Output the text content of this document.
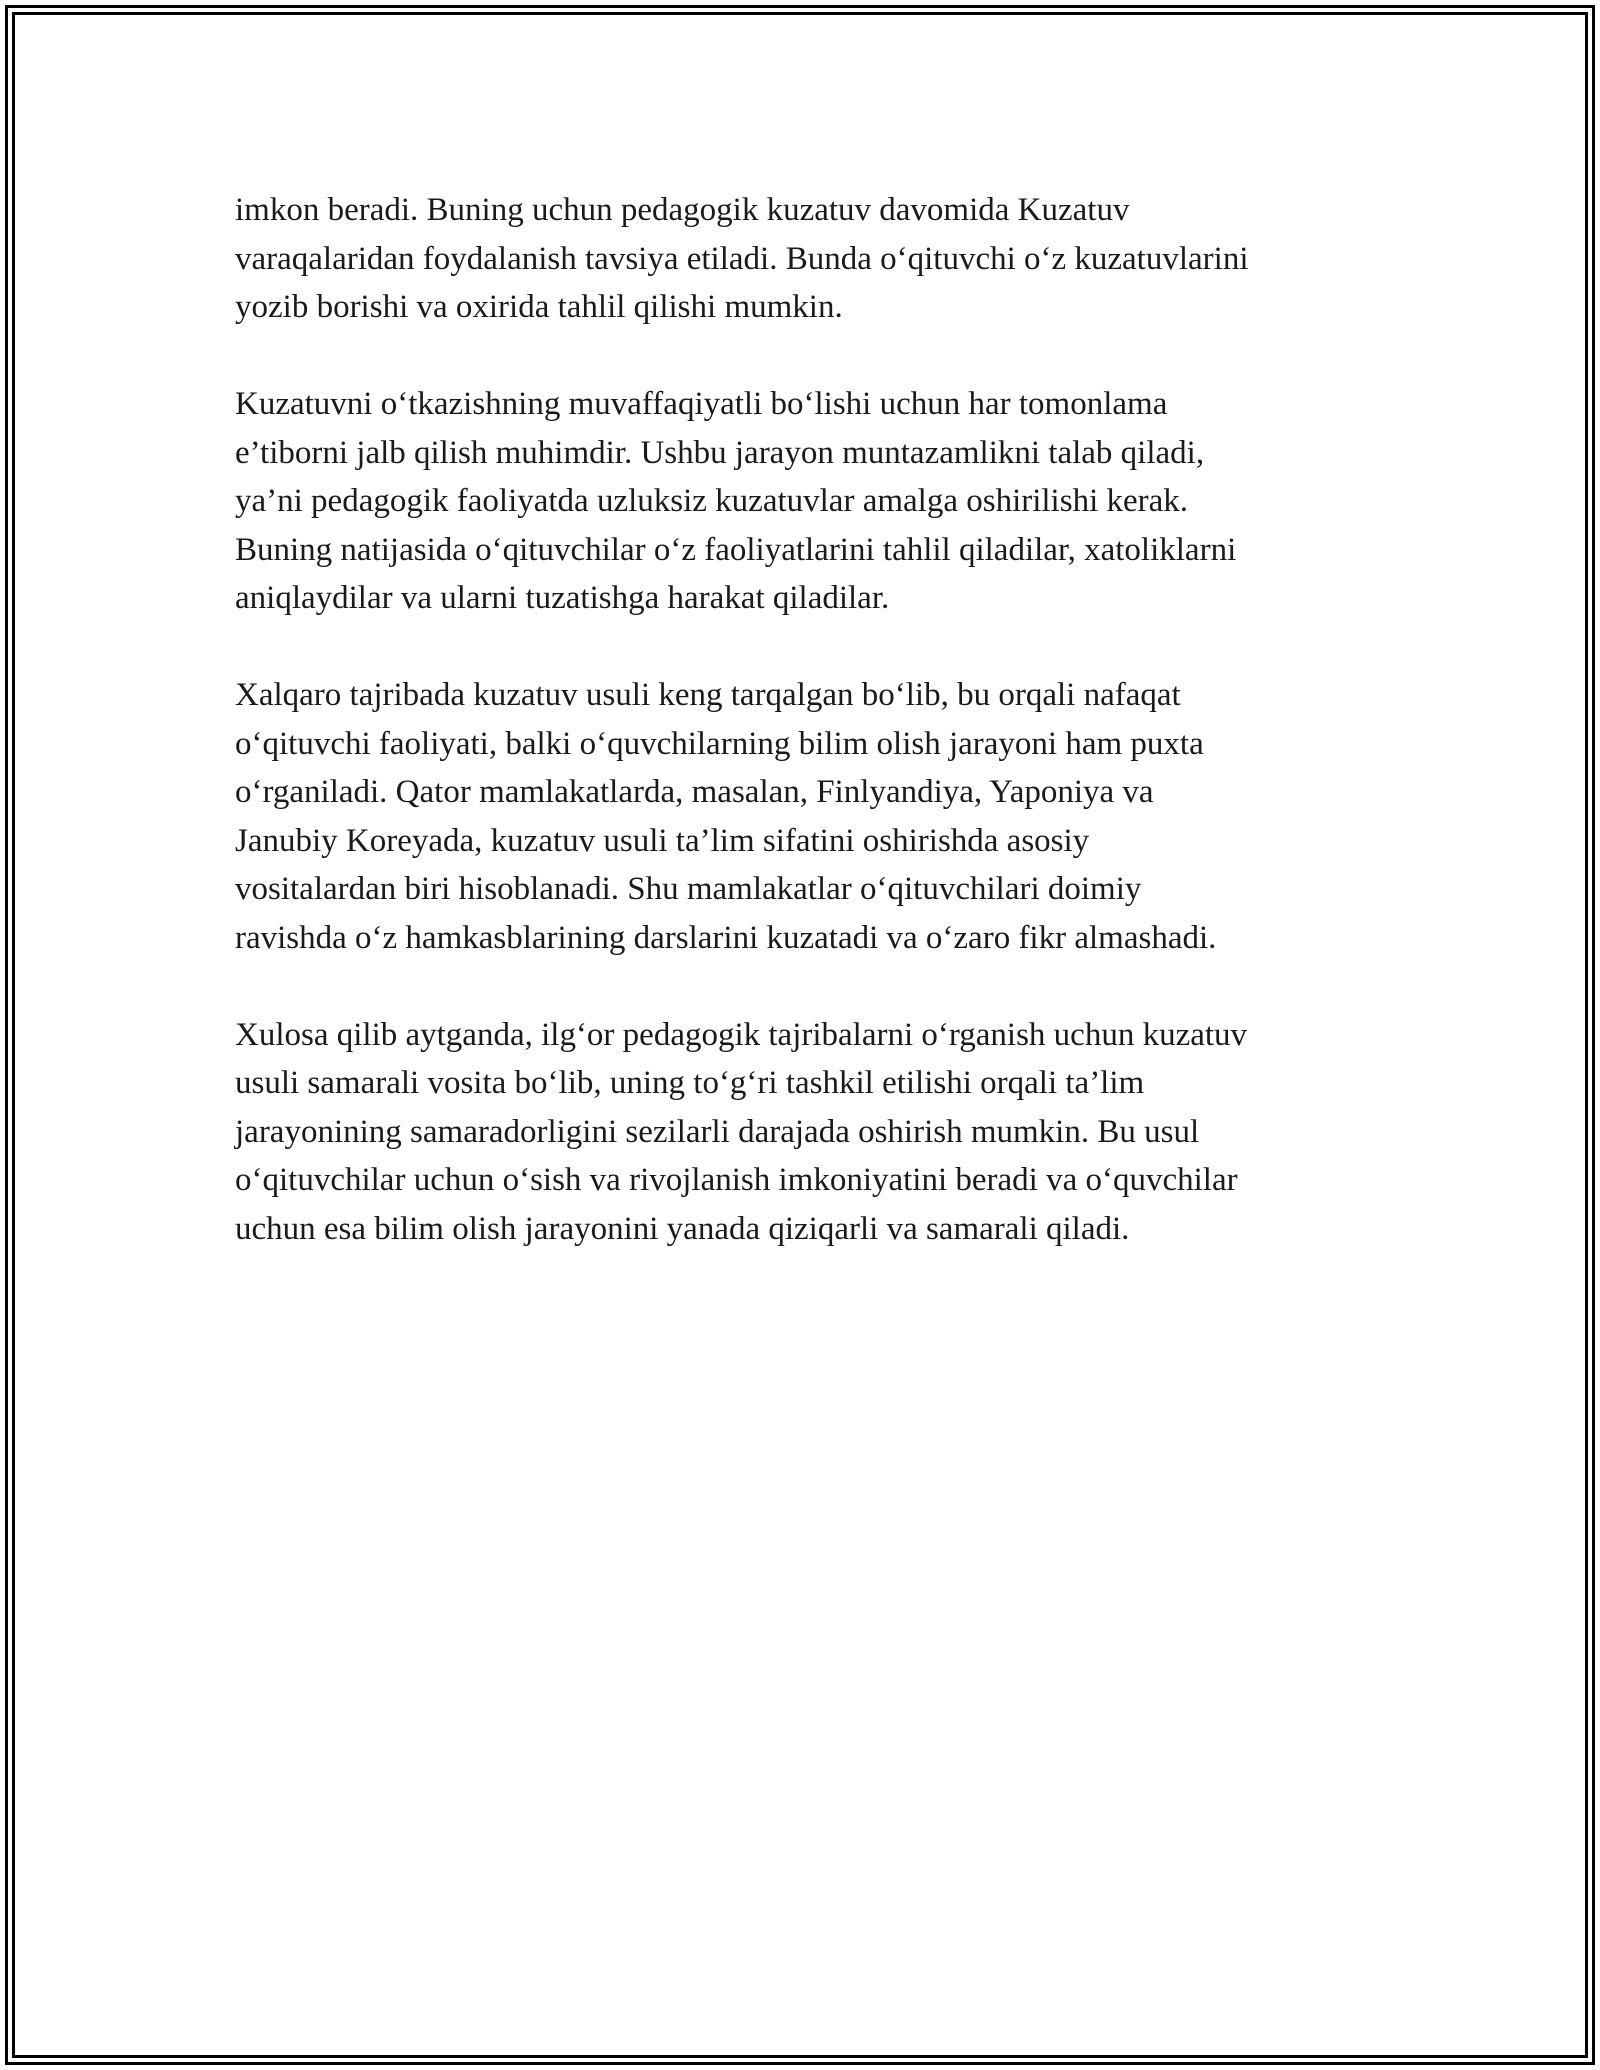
imkon beradi. Buning uchun pedagogik kuzatuv davomida Kuzatuv
varaqalaridan foydalanish tavsiya etiladi. Bunda o‘qituvchi o‘z kuzatuvlarini
yozib borishi va oxirida tahlil qilishi mumkin.

Kuzatuvni o‘tkazishning muvaffaqiyatli bo‘lishi uchun har tomonlama
e’tiborni jalb qilish muhimdir. Ushbu jarayon muntazamlikni talab qiladi,
ya’ni pedagogik faoliyatda uzluksiz kuzatuvlar amalga oshirilishi kerak.
Buning natijasida o‘qituvchilar o‘z faoliyatlarini tahlil qiladilar, xatoliklarni
aniqlaydilar va ularni tuzatishga harakat qiladilar.

Xalqaro tajribada kuzatuv usuli keng tarqalgan bo‘lib, bu orqali nafaqat
o‘qituvchi faoliyati, balki o‘quvchilarning bilim olish jarayoni ham puxta
o‘rganiladi. Qator mamlakatlarda, masalan, Finlyandiya, Yaponiya va
Janubiy Koreyada, kuzatuv usuli ta’lim sifatini oshirishda asosiy
vositalardan biri hisoblanadi. Shu mamlakatlar o‘qituvchilari doimiy
ravishda o‘z hamkasblarining darslarini kuzatadi va o‘zaro fikr almashadi.

Xulosa qilib aytganda, ilg‘or pedagogik tajribalarni o‘rganish uchun kuzatuv
usuli samarali vosita bo‘lib, uning to‘g‘ri tashkil etilishi orqali ta’lim
jarayonining samaradorligini sezilarli darajada oshirish mumkin. Bu usul
o‘qituvchilar uchun o‘sish va rivojlanish imkoniyatini beradi va o‘quvchilar
uchun esa bilim olish jarayonini yanada qiziqarli va samarali qiladi.
